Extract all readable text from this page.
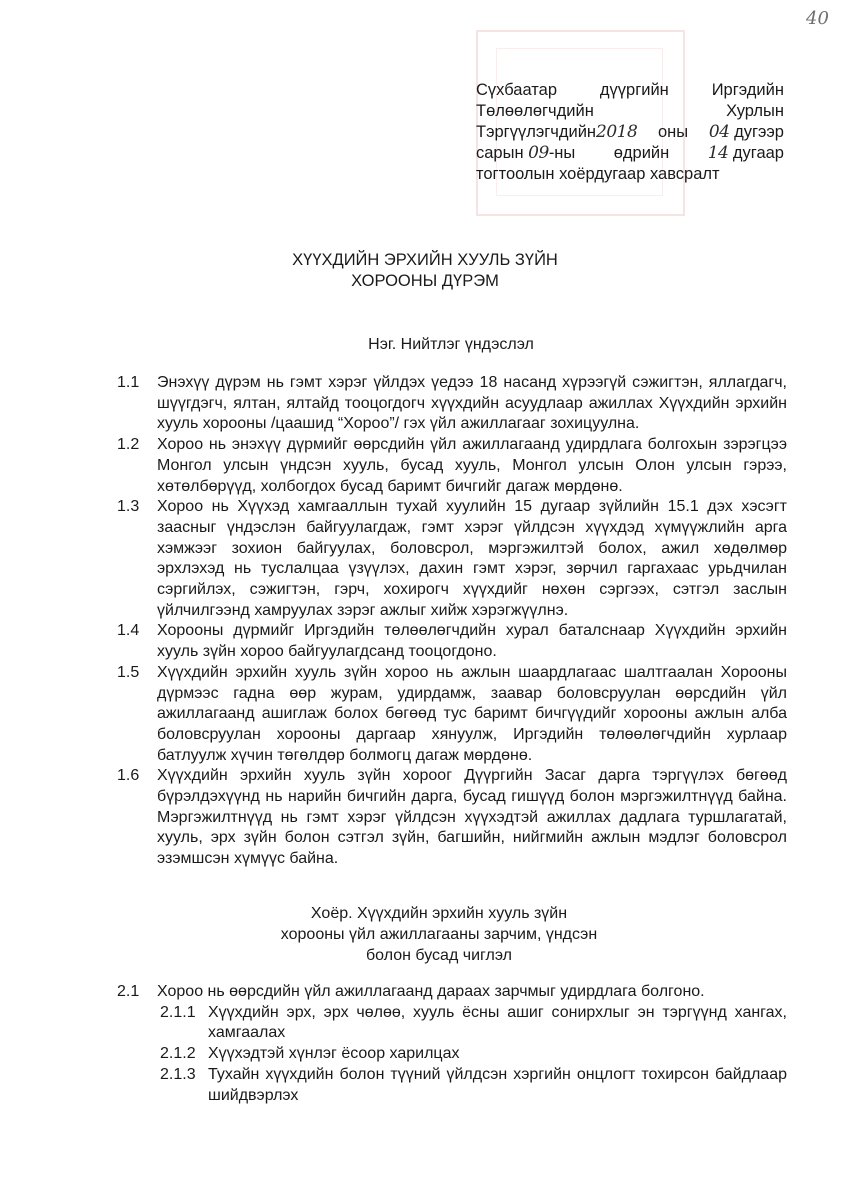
40
Сүхбаатар	дүүргийн	Иргэдийн
Төлөөлөгчдийн	Хурлын
Тэргүүлэгчдийн2018 оны 04 дугээр
сарын 09-ны өдрийн 14 дугаар
тогтоолын хоёрдугаар хавсралт
ХҮҮХДИЙН ЭРХИЙН ХУУЛЬ ЗҮЙН
ХОРООНЫ ДҮРЭМ
Нэг. Нийтлэг үндэслэл
1.1	Энэхүү дүрэм нь гэмт хэрэг үйлдэх үедээ 18 насанд хүрээгүй сэжигтэн, яллагдагч, шүүгдэгч, ялтан, ялтайд тооцогдогч хүүхдийн асуудлаар ажиллах Хүүхдийн эрхийн хууль хорооны /цаашид “Хороо”/ гэх үйл ажиллагааг зохицуулна.
1.2	Хороо нь энэхүү дүрмийг өөрсдийн үйл ажиллагаанд удирдлага болгохын зэрэгцээ Монгол улсын үндсэн хууль, бусад хууль, Монгол улсын Олон улсын гэрээ, хөтөлбөрүүд, холбогдох бусад баримт бичгийг дагаж мөрдөнө.
1.3	Хороо нь Хүүхэд хамгааллын тухай хуулийн 15 дугаар зүйлийн 15.1 дэх хэсэгт заасныг үндэслэн байгуулагдаж, гэмт хэрэг үйлдсэн хүүхдэд хүмүүжлийн арга хэмжээг зохион байгуулах, боловсрол, мэргэжилтэй болох, ажил хөдөлмөр эрхлэхэд нь туслалцаа үзүүлэх, дахин гэмт хэрэг, зөрчил гаргахаас урьдчилан сэргийлэх, сэжигтэн, гэрч, хохирогч хүүхдийг нөхөн сэргээх, сэтгэл заслын үйлчилгээнд хамруулах зэрэг ажлыг хийж хэрэгжүүлнэ.
1.4	Хорооны дүрмийг Иргэдийн төлөөлөгчдийн хурал баталснаар Хүүхдийн эрхийн хууль зүйн хороо байгуулагдсанд тооцогдоно.
1.5	Хүүхдийн эрхийн хууль зүйн хороо нь ажлын шаардлагаас шалтгаалан Хорооны дүрмээс гадна өөр журам, удирдамж, заавар боловсруулан өөрсдийн үйл ажиллагаанд ашиглаж болох бөгөөд тус баримт бичгүүдийг хорооны ажлын алба боловсруулан хорооны даргаар хянуулж, Иргэдийн төлөөлөгчдийн хурлаар батлуулж хүчин төгөлдөр болмогц дагаж мөрдөнө.
1.6	Хүүхдийн эрхийн хууль зүйн хороог Дүүргийн Засаг дарга тэргүүлэх бөгөөд бүрэлдэхүүнд нь нарийн бичгийн дарга, бусад гишүүд болон мэргэжилтнүүд байна. Мэргэжилтнүүд нь гэмт хэрэг үйлдсэн хүүхэдтэй ажиллах дадлага туршлагатай, хууль, эрх зүйн болон сэтгэл зүйн, багшийн, нийгмийн ажлын мэдлэг боловсрол эзэмшсэн хүмүүс байна.
Хоёр. Хүүхдийн эрхийн хууль зүйн
хорооны үйл ажиллагааны зарчим, үндсэн
болон бусад чиглэл
2.1	Хороо нь өөрсдийн үйл ажиллагаанд дараах зарчмыг удирдлага болгоно.
2.1.1 Хүүхдийн эрх, эрх чөлөө, хууль ёсны ашиг сонирхлыг эн тэргүүнд хангах, хамгаалах
2.1.2 Хүүхэдтэй хүнлэг ёсоор харилцах
2.1.3 Тухайн хүүхдийн болон түүний үйлдсэн хэргийн онцлогт тохирсон байдлаар шийдвэрлэх
